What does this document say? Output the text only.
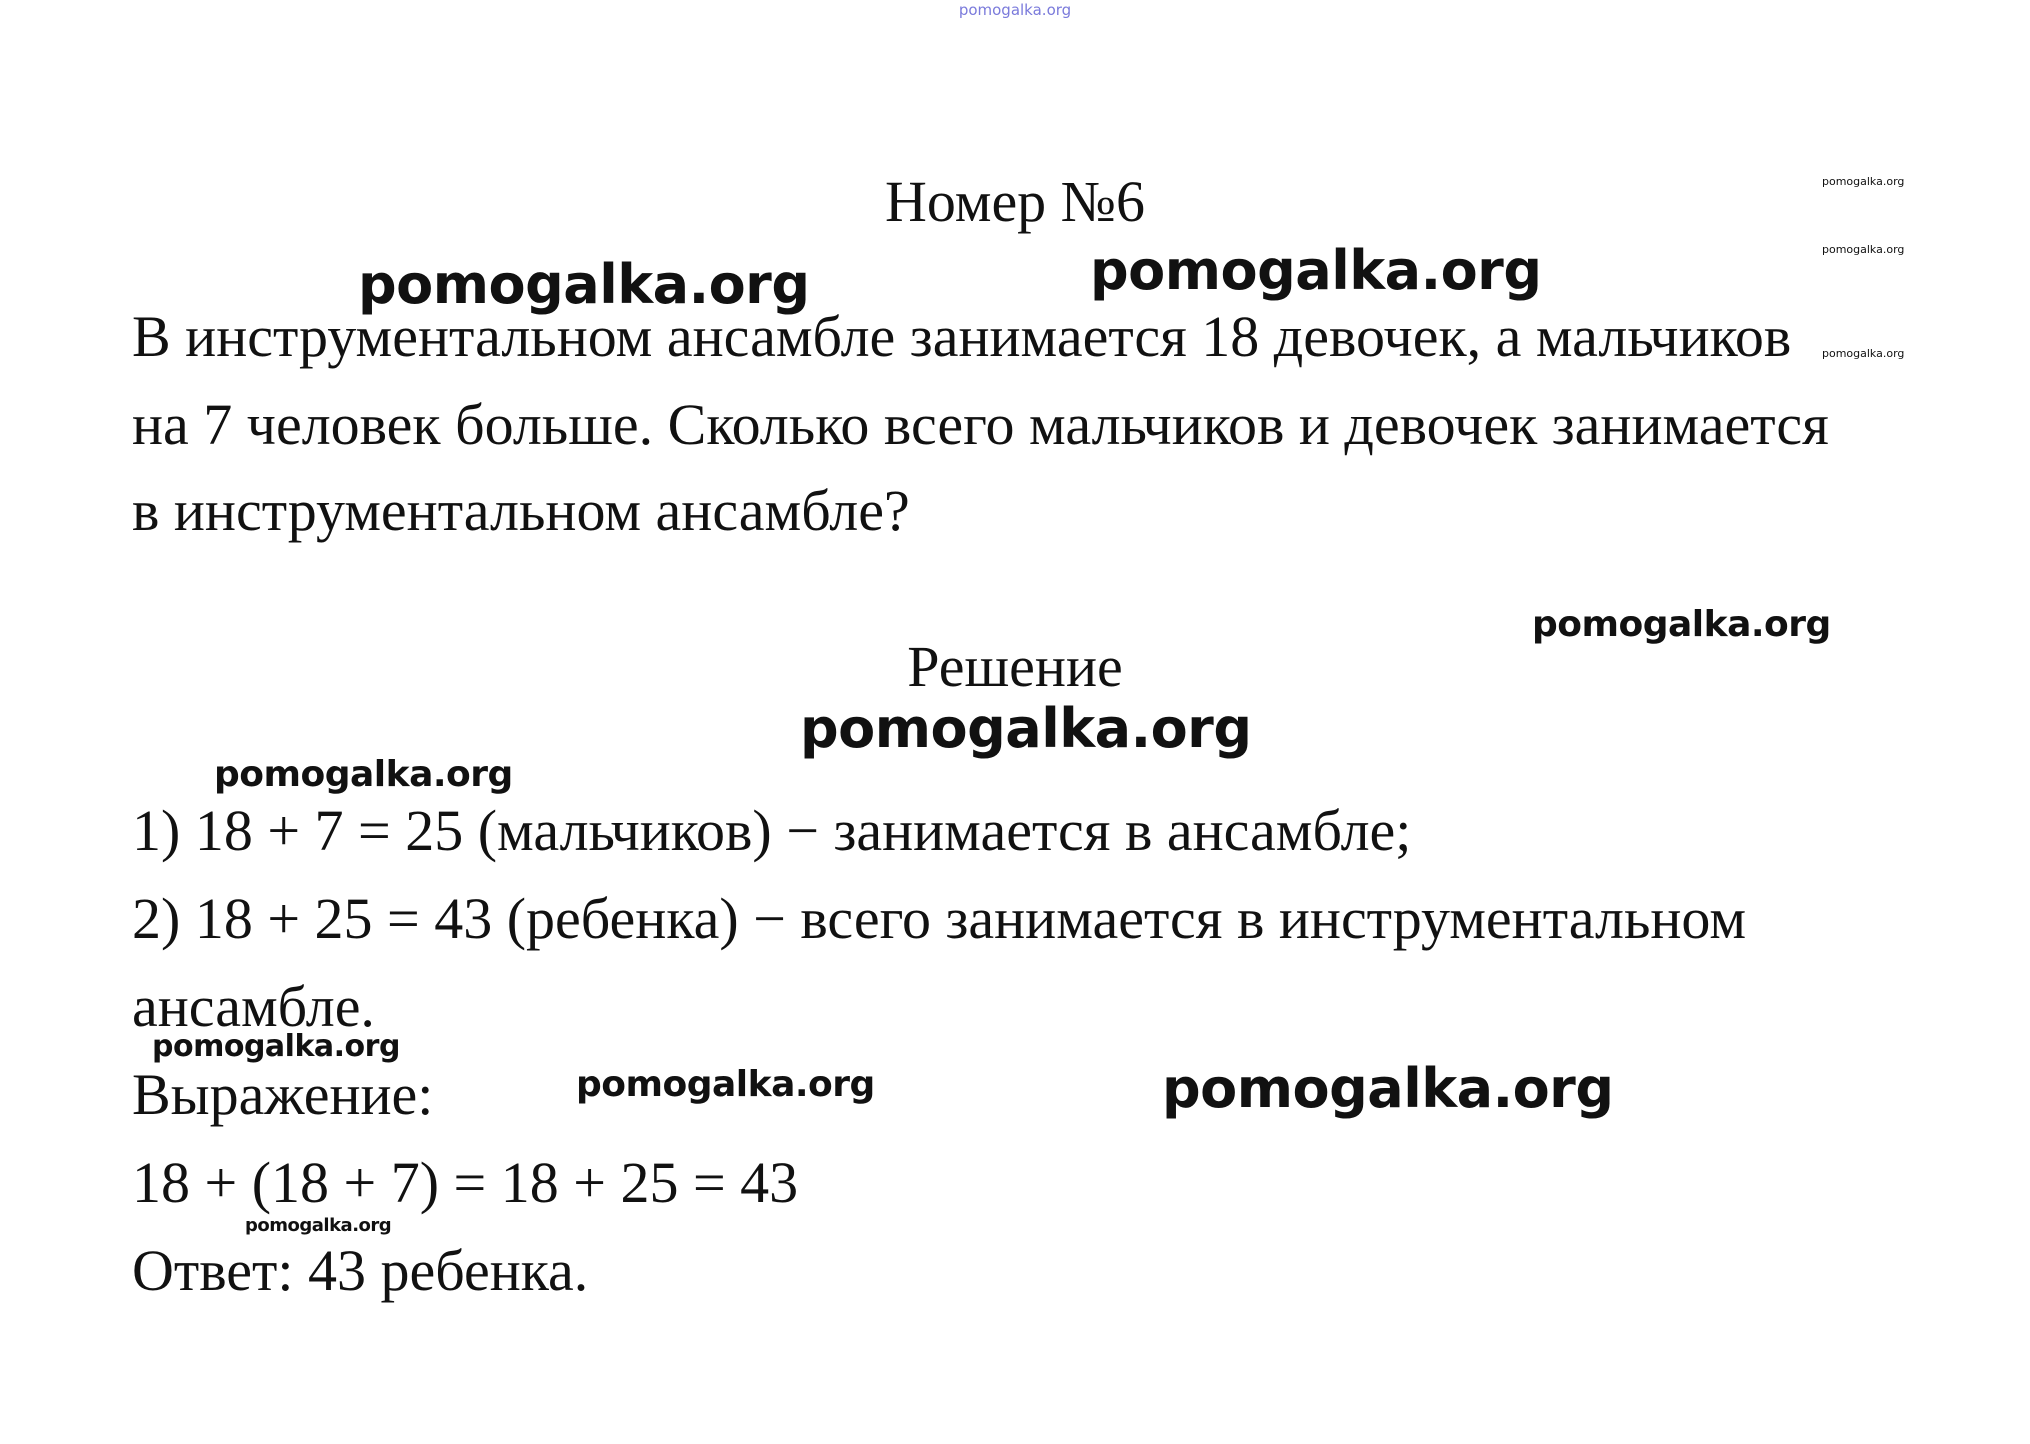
pomogalka.org
Номер №6
В инструментальном ансамбле занимается 18 девочек, а мальчиков
на 7 человек больше. Сколько всего мальчиков и девочек занимается
в инструментальном ансамбле?
Решение
1) 18 + 7 = 25 (мальчиков) − занимается в ансамбле;
2) 18 + 25 = 43 (ребенка) − всего занимается в инструментальном
ансамбле.
Выражение:
18 + (18 + 7) = 18 + 25 = 43
Ответ: 43 ребенка.
pomogalka.org
pomogalka.org	pomogalka.org	pomogalka.org
pomogalka.org
pomogalka.org
pomogalka.org
pomogalka.org
pomogalka.org
pomogalka.org	pomogalka.org
pomogalka.org
